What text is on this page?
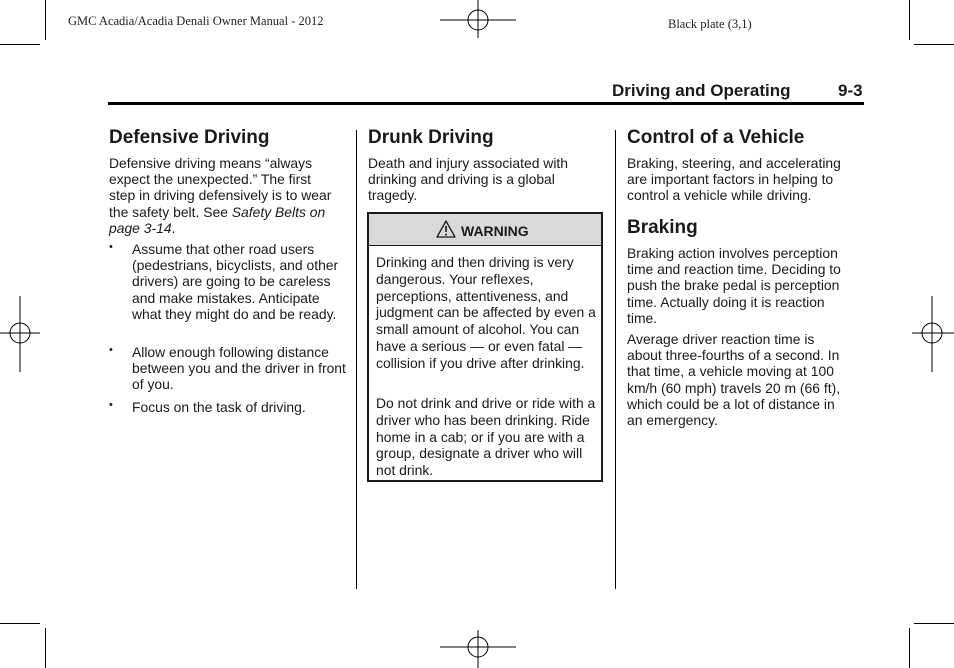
GMC Acadia/Acadia Denali Owner Manual - 2012	Black plate (3,1)
Driving and Operating	9-3
Defensive Driving
Defensive driving means “always
expect the unexpected.” The first
step in driving defensively is to wear
the safety belt. See Safety Belts on
page 3-14.
• Assume that other road users (pedestrians, bicyclists, and other drivers) are going to be careless and make mistakes. Anticipate what they might do and be ready.
• Allow enough following distance between you and the driver in front of you.
• Focus on the task of driving.
Drunk Driving

Death and injury associated with drinking and driving is a global tragedy.

WARNING

Drinking and then driving is very dangerous. Your reflexes, perceptions, attentiveness, and judgment can be affected by even a small amount of alcohol. You can have a serious — or even fatal — collision if you drive after drinking.

Do not drink and drive or ride with a driver who has been drinking. Ride home in a cab; or if you are with a group, designate a driver who will not drink.

Control of a Vehicle

Braking, steering, and accelerating are important factors in helping to control a vehicle while driving.

Braking

Braking action involves perception time and reaction time. Deciding to push the brake pedal is perception time. Actually doing it is reaction time.

Average driver reaction time is about three-fourths of a second. In that time, a vehicle moving at 100 km/h (60 mph) travels 20 m (66 ft), which could be a lot of distance in an emergency.
